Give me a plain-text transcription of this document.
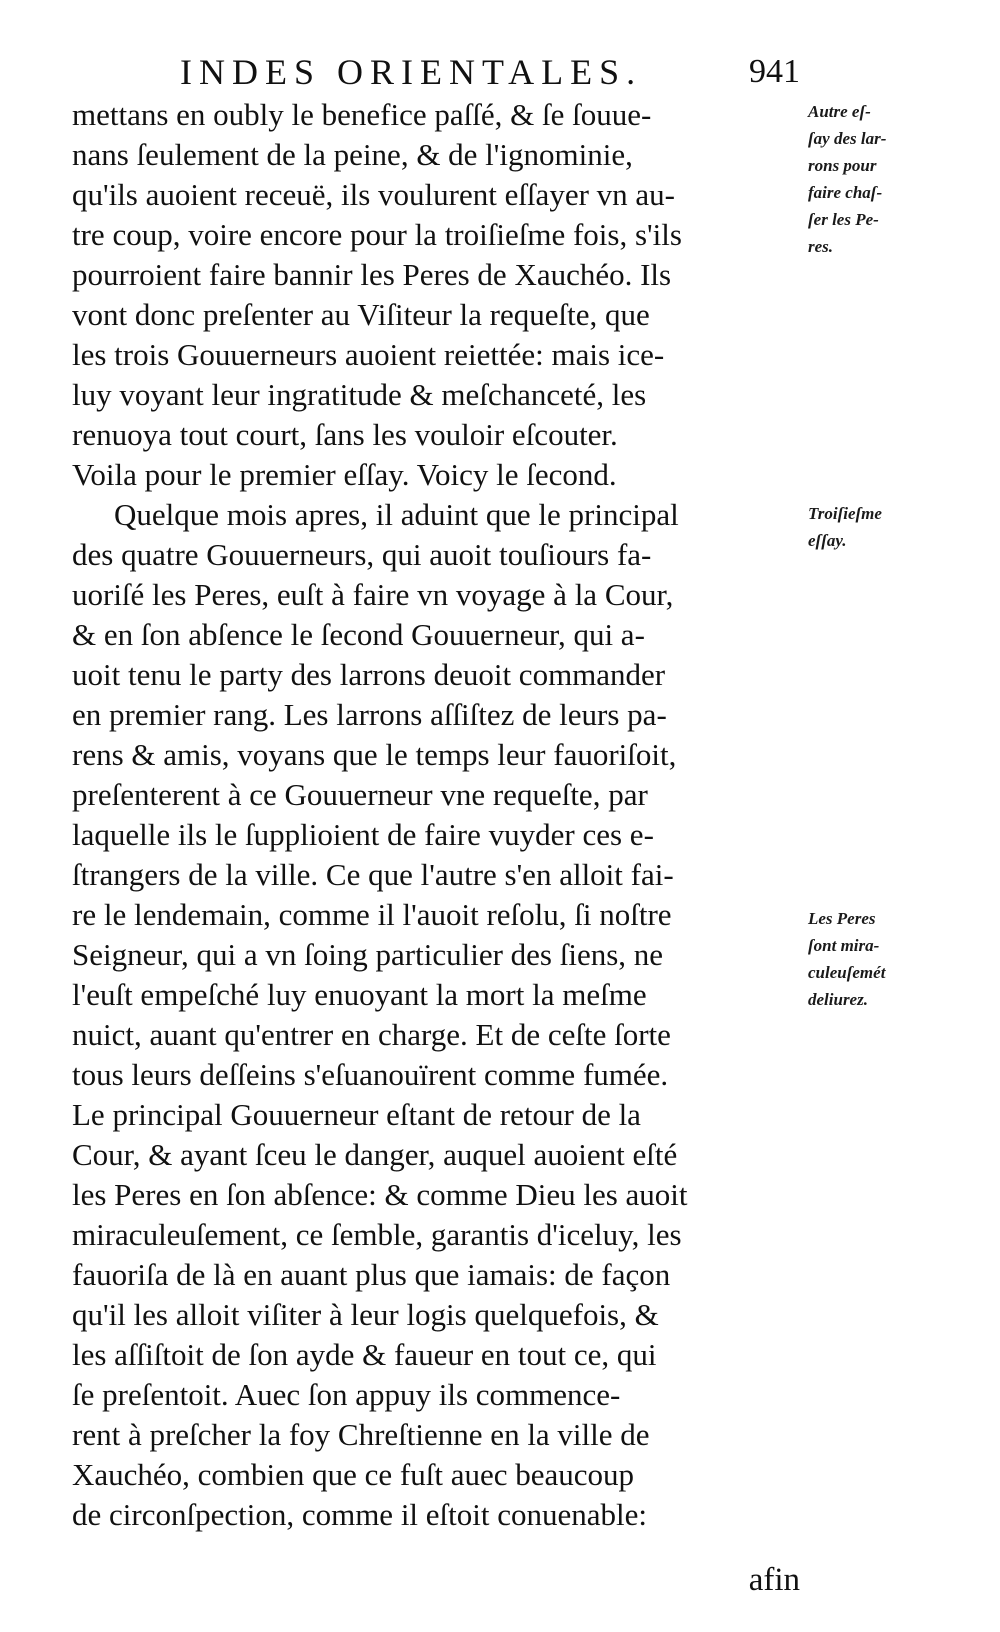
INDES ORIENTALES.	941
mettans en oubly le benefice paſſé, & ſe ſouue-
nans ſeulement de la peine, & de l'ignominie,
qu'ils auoient receuë, ils voulurent eſſayer vn au-
tre coup, voire encore pour la troiſieſme fois, s'ils
pourroient faire bannir les Peres de Xauchéo. Ils
vont donc preſenter au Viſiteur la requeſte, que
les trois Gouuerneurs auoient reiettée: mais ice-
luy voyant leur ingratitude & meſchanceté, les
renuoya tout court, ſans les vouloir eſcouter.
Voila pour le premier eſſay. Voicy le ſecond.
Quelque mois apres, il aduint que le principal
des quatre Gouuerneurs, qui auoit touſiours fa-
uoriſé les Peres, euſt à faire vn voyage à la Cour,
& en ſon abſence le ſecond Gouuerneur, qui a-
uoit tenu le party des larrons deuoit commander
en premier rang. Les larrons aſſiſtez de leurs pa-
rens & amis, voyans que le temps leur fauoriſoit,
preſenterent à ce Gouuerneur vne requeſte, par
laquelle ils le ſupplioient de faire vuyder ces e-
ſtrangers de la ville. Ce que l'autre s'en alloit fai-
re le lendemain, comme il l'auoit reſolu, ſi noſtre
Seigneur, qui a vn ſoing particulier des ſiens, ne
l'euſt empeſché luy enuoyant la mort la meſme
nuict, auant qu'entrer en charge. Et de ceſte ſorte
tous leurs deſſeins s'eſuanouïrent comme fumée.
Le principal Gouuerneur eſtant de retour de la
Cour, & ayant ſceu le danger, auquel auoient eſté
les Peres en ſon abſence: & comme Dieu les auoit
miraculeuſement, ce ſemble, garantis d'iceluy, les
fauoriſa de là en auant plus que iamais: de façon
qu'il les alloit viſiter à leur logis quelquefois, &
les aſſiſtoit de ſon ayde & faueur en tout ce, qui
ſe preſentoit. Auec ſon appuy ils commence-
rent à preſcher la foy Chreſtienne en la ville de
Xauchéo, combien que ce fuſt auec beaucoup
de circonſpection, comme il eſtoit conuenable:
Autre eſ-
ſay des lar-
rons pour
faire chaſ-
ſer les Pe-
res.
Troiſieſme
eſſay.
Les Peres
ſont mira-
culeuſemét
deliurez.
afin
